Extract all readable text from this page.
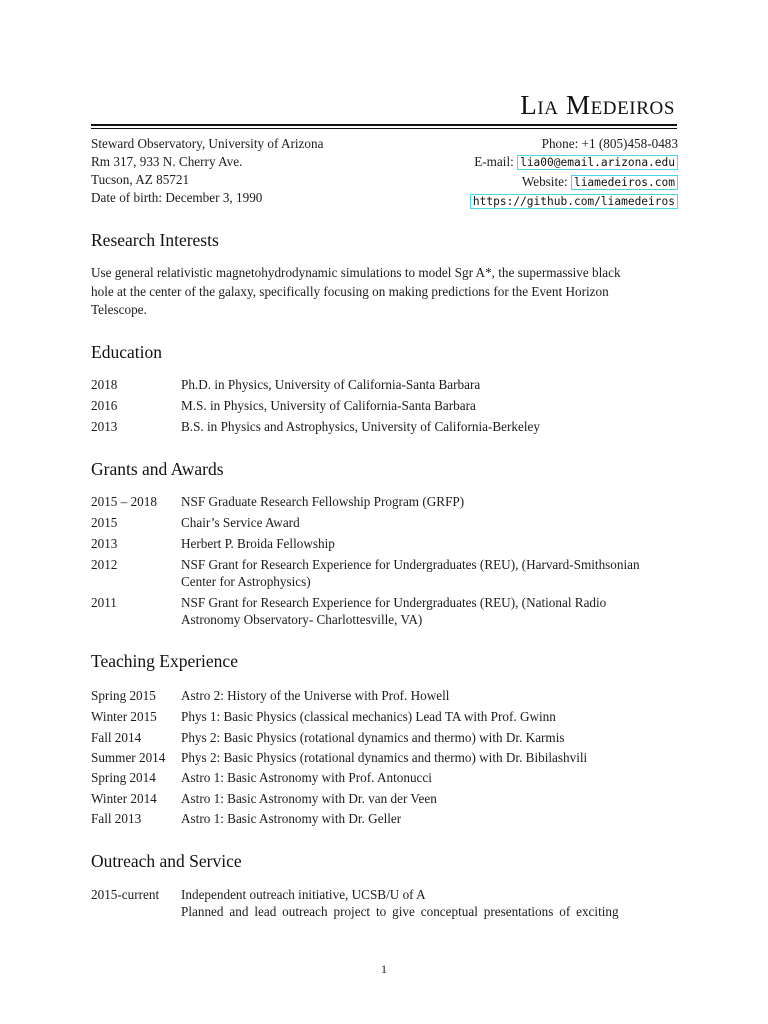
Lia Medeiros
Steward Observatory, University of Arizona
Rm 317, 933 N. Cherry Ave.
Tucson, AZ 85721
Date of birth: December 3, 1990
Phone: +1 (805)458-0483
E-mail: lia00@email.arizona.edu
Website: liamedeiros.com
https://github.com/liamedeiros
Research Interests
Use general relativistic magnetohydrodynamic simulations to model Sgr A*, the supermassive black
hole at the center of the galaxy, specifically focusing on making predictions for the Event Horizon
Telescope.
Education
2018	Ph.D. in Physics, University of California-Santa Barbara
2016	M.S. in Physics, University of California-Santa Barbara
2013	B.S. in Physics and Astrophysics, University of California-Berkeley
Grants and Awards
2015 – 2018 NSF Graduate Research Fellowship Program (GRFP)
2015	Chair’s Service Award
2013	Herbert P. Broida Fellowship
2012	NSF Grant for Research Experience for Undergraduates (REU), (Harvard-Smithsonian
Center for Astrophysics)
2011	NSF Grant for Research Experience for Undergraduates (REU), (National Radio
Astronomy Observatory- Charlottesville, VA)
Teaching Experience
Spring 2015 Astro 2: History of the Universe with Prof. Howell
Winter 2015 Phys 1: Basic Physics (classical mechanics) Lead TA with Prof. Gwinn
Fall 2014	Phys 2: Basic Physics (rotational dynamics and thermo) with Dr. Karmis
Summer 2014 Phys 2: Basic Physics (rotational dynamics and thermo) with Dr. Bibilashvili
Spring 2014 Astro 1: Basic Astronomy with Prof. Antonucci
Winter 2014 Astro 1: Basic Astronomy with Dr. van der Veen
Fall 2013	Astro 1: Basic Astronomy with Dr. Geller
Outreach and Service
2015-current Independent outreach initiative, UCSB/U of A
Planned and lead outreach project to give conceptual presentations of exciting
1
